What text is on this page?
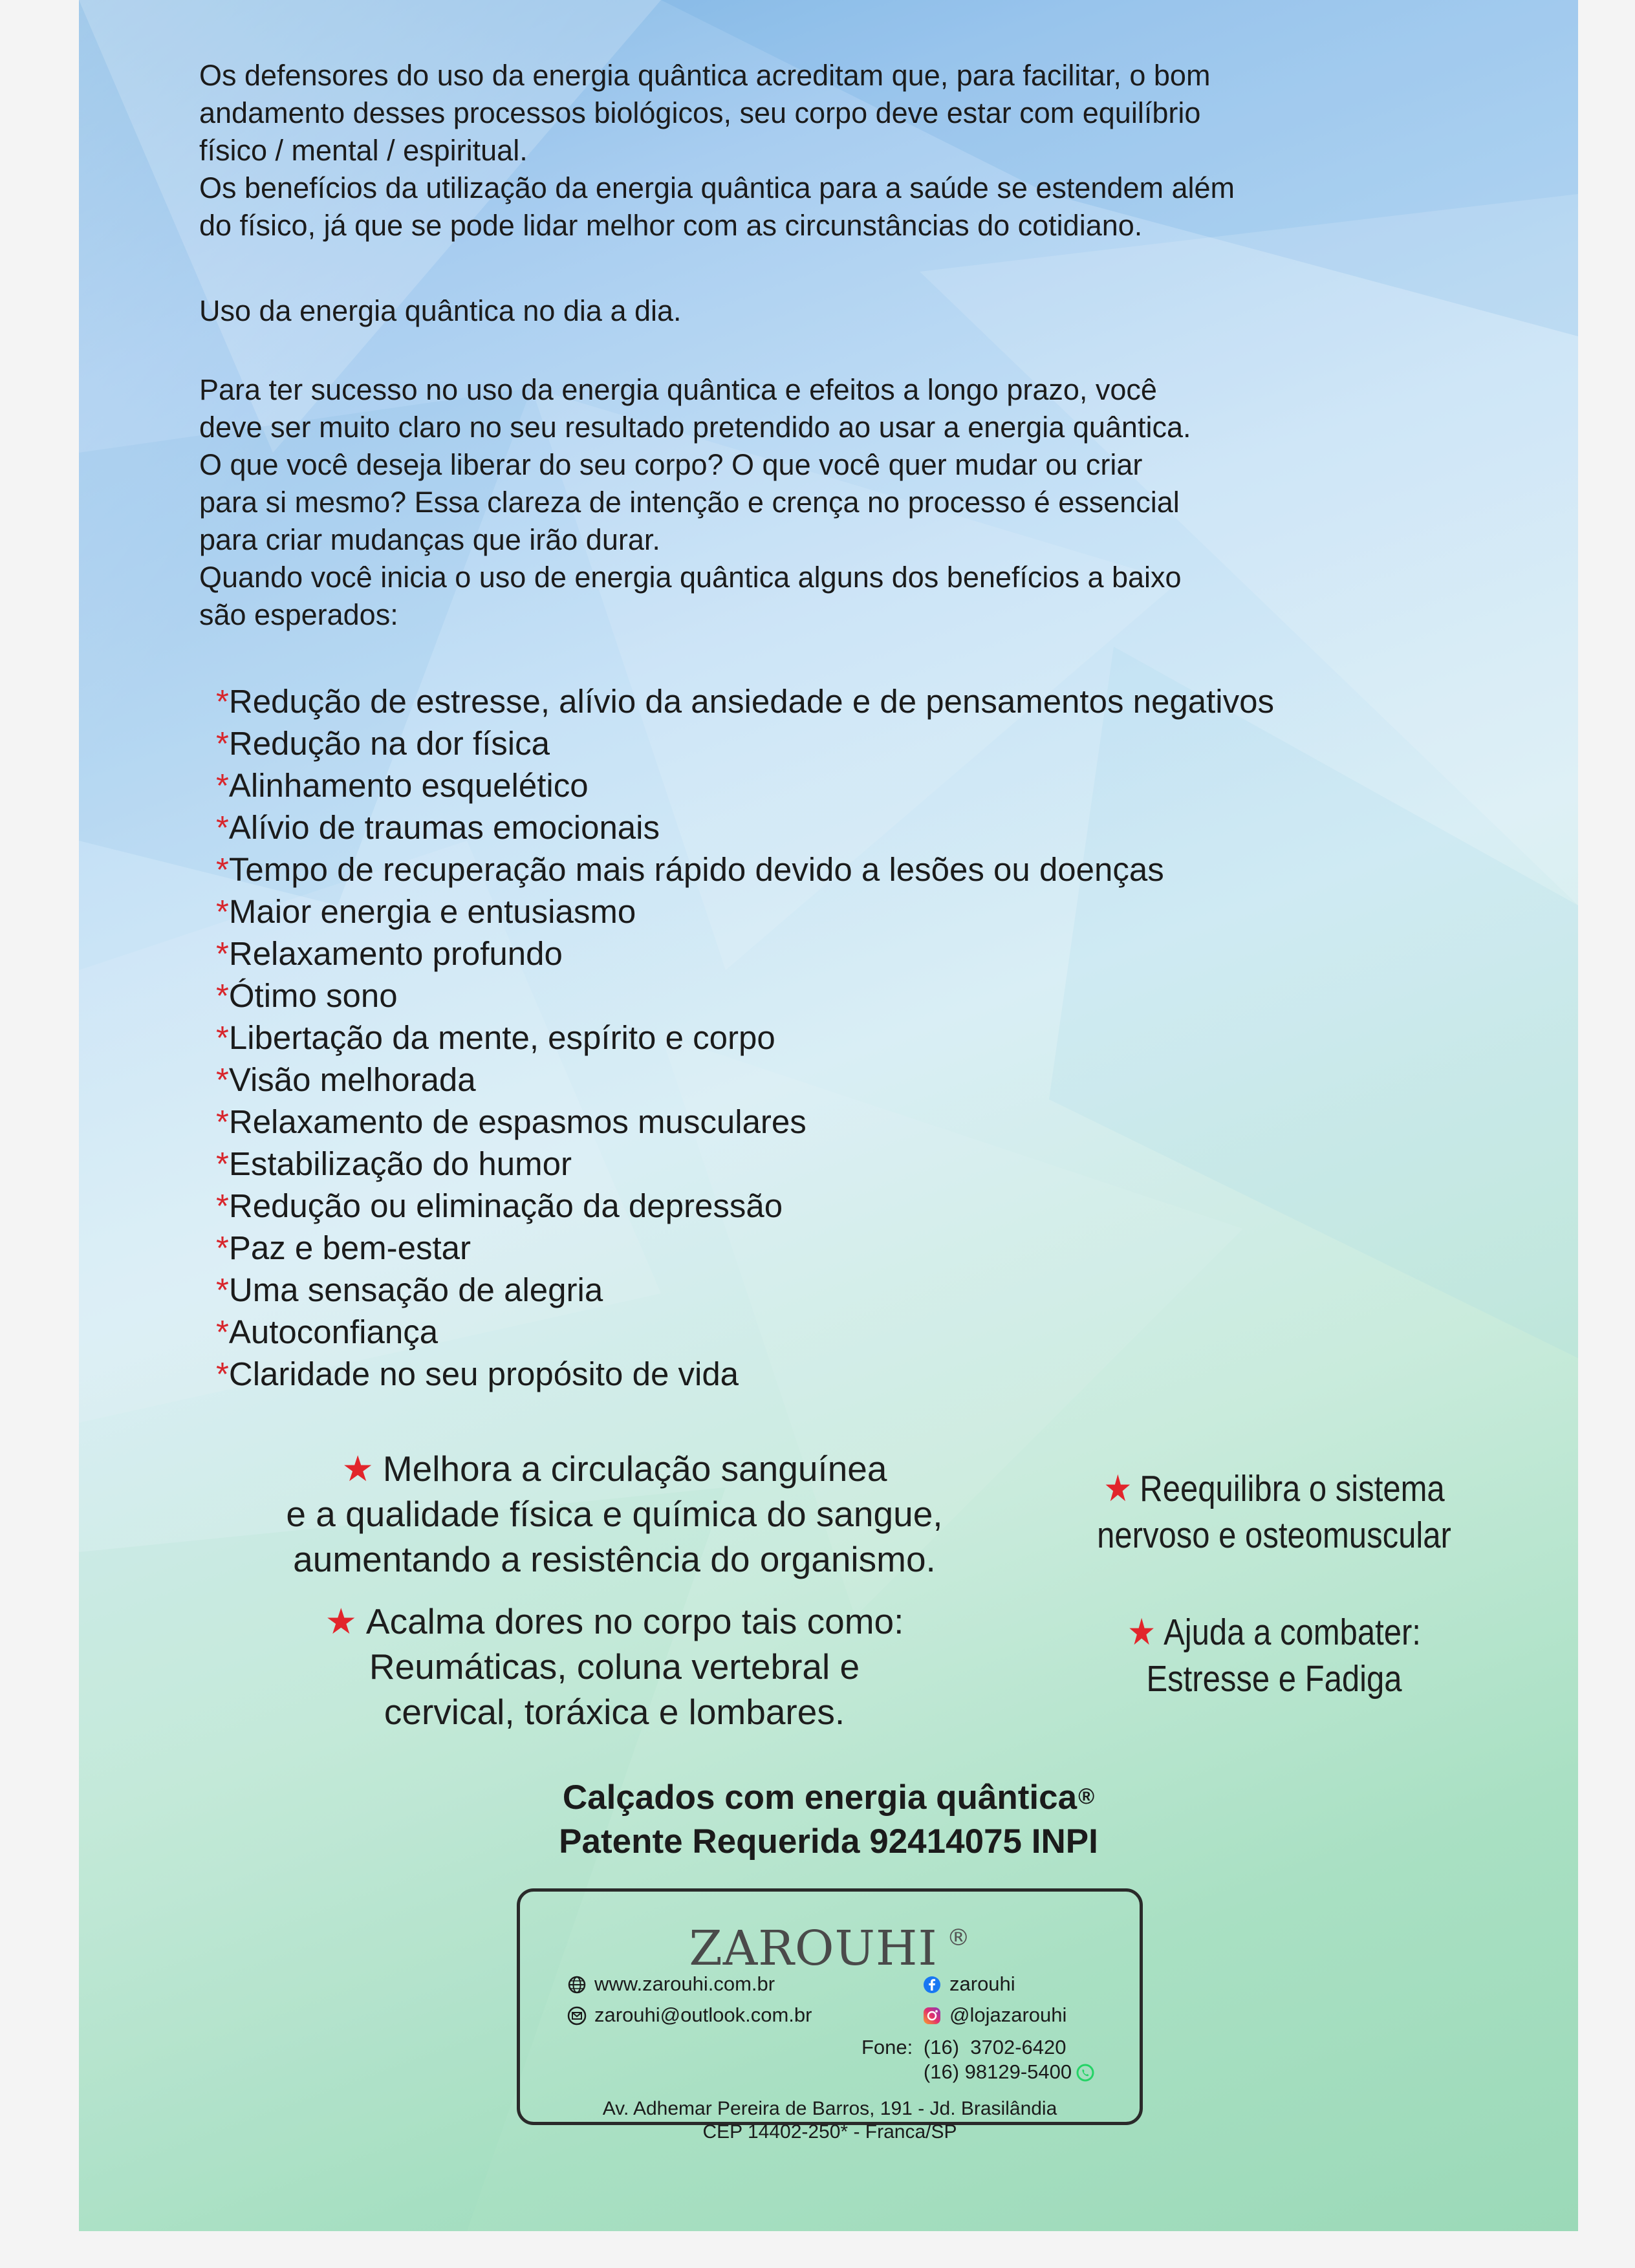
Os defensores do uso da energia quântica acreditam que, para facilitar, o bom
andamento desses processos biológicos, seu corpo deve estar com equilíbrio
físico / mental / espiritual.
Os benefícios da utilização da energia quântica para a saúde se estendem além
do físico, já que se pode lidar melhor com as circunstâncias do cotidiano.

Uso da energia quântica no dia a dia.

Para ter sucesso no uso da energia quântica e efeitos a longo prazo, você
deve ser muito claro no seu resultado pretendido ao usar a energia quântica.
O que você deseja liberar do seu corpo? O que você quer mudar ou criar
para si mesmo? Essa clareza de intenção e crença no processo é essencial
para criar mudanças que irão durar.
Quando você inicia o uso de energia quântica alguns dos benefícios a baixo
são esperados:

*Redução de estresse, alívio da ansiedade e de pensamentos negativos
*Redução na dor física
*Alinhamento esquelético
*Alívio de traumas emocionais
*Tempo de recuperação mais rápido devido a lesões ou doenças
*Maior energia e entusiasmo
*Relaxamento profundo
*Ótimo sono
*Libertação da mente, espírito e corpo
*Visão melhorada
*Relaxamento de espasmos musculares
*Estabilização do humor
*Redução ou eliminação da depressão
*Paz e bem-estar
*Uma sensação de alegria
*Autoconfiança
*Claridade no seu propósito de vida
★ Melhora a circulação sanguínea
e a qualidade física e química do sangue,
aumentando a resistência do organismo.
★ Reequilibra o sistema
nervoso e osteomuscular
★ Acalma dores no corpo tais como:
Reumáticas, coluna vertebral e
cervical, toráxica e lombares.
★ Ajuda a combater:
Estresse e Fadiga
Calçados com energia quântica®
Patente Requerida 92414075 INPI
ZAROUHI ®
www.zarouhi.com.br
zarouhi@outlook.com.br
zarouhi
@lojazarouhi
Fone: (16)  3702-6420
(16) 98129-5400
Av. Adhemar Pereira de Barros, 191 - Jd. Brasilândia
CEP 14402-250* - Franca/SP
